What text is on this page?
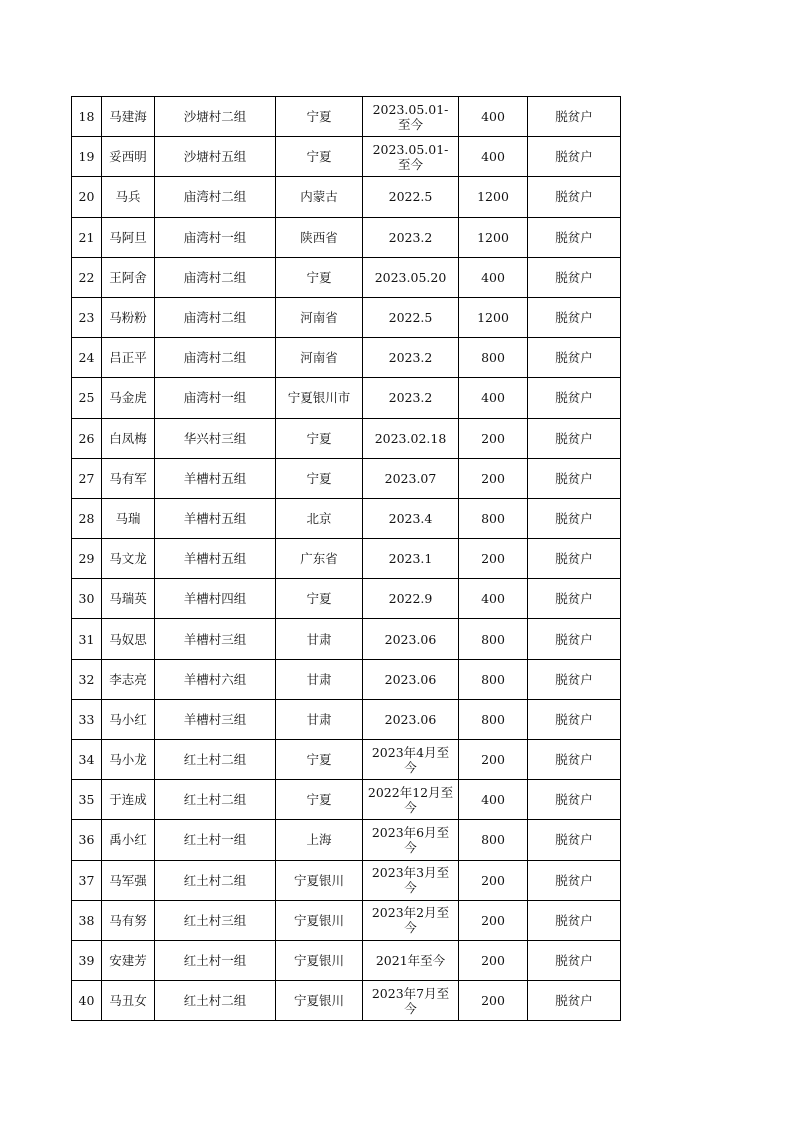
18	马建海	沙塘村二组	宁夏	2023.05.01-至今	400	脱贫户
19	妥西明	沙塘村五组	宁夏	2023.05.01-至今	400	脱贫户
20	马兵	庙湾村二组	内蒙古	2022.5	1200	脱贫户
21	马阿旦	庙湾村一组	陕西省	2023.2	1200	脱贫户
22	王阿舍	庙湾村二组	宁夏	2023.05.20	400	脱贫户
23	马粉粉	庙湾村二组	河南省	2022.5	1200	脱贫户
24	吕正平	庙湾村二组	河南省	2023.2	800	脱贫户
25	马金虎	庙湾村一组	宁夏银川市	2023.2	400	脱贫户
26	白凤梅	华兴村三组	宁夏	2023.02.18	200	脱贫户
27	马有军	羊槽村五组	宁夏	2023.07	200	脱贫户
28	马瑞	羊槽村五组	北京	2023.4	800	脱贫户
29	马文龙	羊槽村五组	广东省	2023.1	200	脱贫户
30	马瑞英	羊槽村四组	宁夏	2022.9	400	脱贫户
31	马奴思	羊槽村三组	甘肃	2023.06	800	脱贫户
32	李志亮	羊槽村六组	甘肃	2023.06	800	脱贫户
33	马小红	羊槽村三组	甘肃	2023.06	800	脱贫户
34	马小龙	红土村二组	宁夏	2023年4月至今	200	脱贫户
35	于连成	红土村二组	宁夏	2022年12月至今	400	脱贫户
36	禹小红	红土村一组	上海	2023年6月至今	800	脱贫户
37	马军强	红土村二组	宁夏银川	2023年3月至今	200	脱贫户
38	马有努	红土村三组	宁夏银川	2023年2月至今	200	脱贫户
39	安建芳	红土村一组	宁夏银川	2021年至今	200	脱贫户
40	马丑女	红土村二组	宁夏银川	2023年7月至今	200	脱贫户
